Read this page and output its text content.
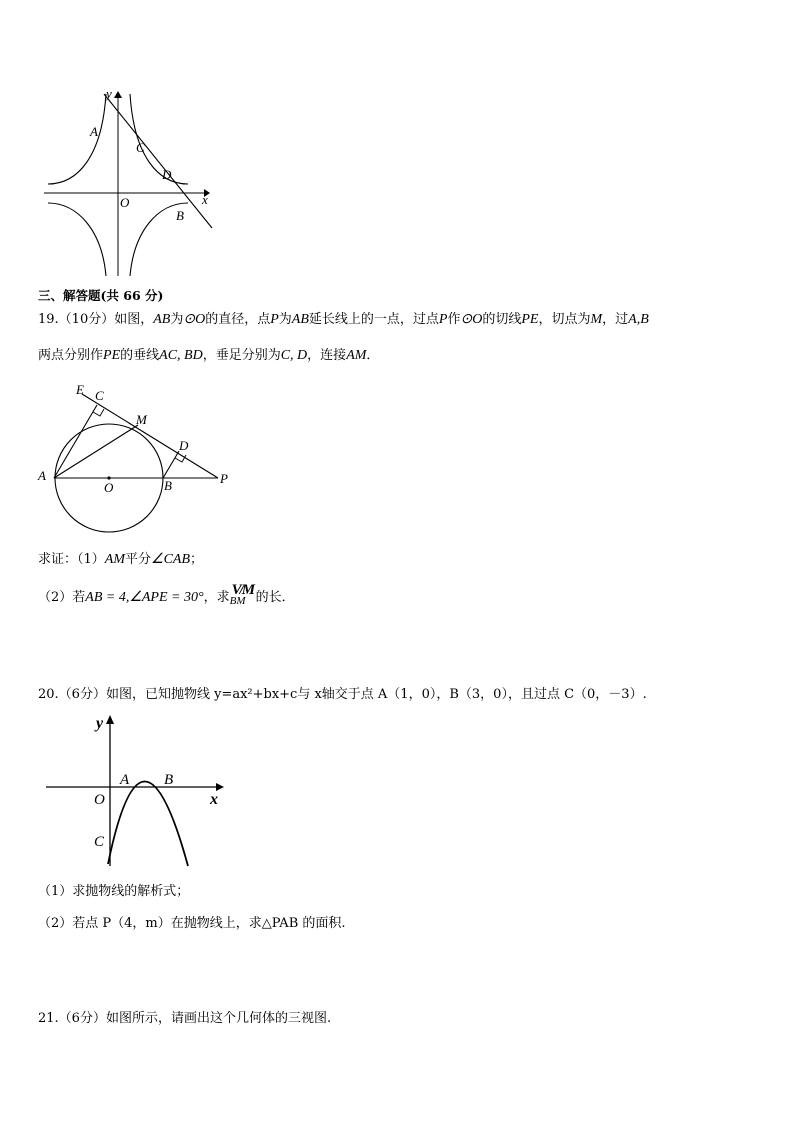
y
x
O
A
C
D
B
三、解答题(共 66 分)
19.（10分）如图，AB为⊙O的直径，点P为AB延长线上的一点，过点P作⊙O的切线PE，切点为M，过A,B
两点分别作PE的垂线AC, BD，垂足分别为C, D，连接AM．
E C
M
D
A
O	B	P
求证：（1）AM平分∠CAB；
（2）若AB = 4,∠APE = 30°，求 V/M
BM 的长．
20.（6分）如图，已知抛物线 y=ax²+bx+c与 x轴交于点 A（1，0），B（3，0），且过点 C（0，－3）.
y
x
O
A B
C
（1）求抛物线的解析式；
（2）若点 P（4，m）在抛物线上，求△PAB 的面积.
21.（6分）如图所示，请画出这个几何体的三视图.
